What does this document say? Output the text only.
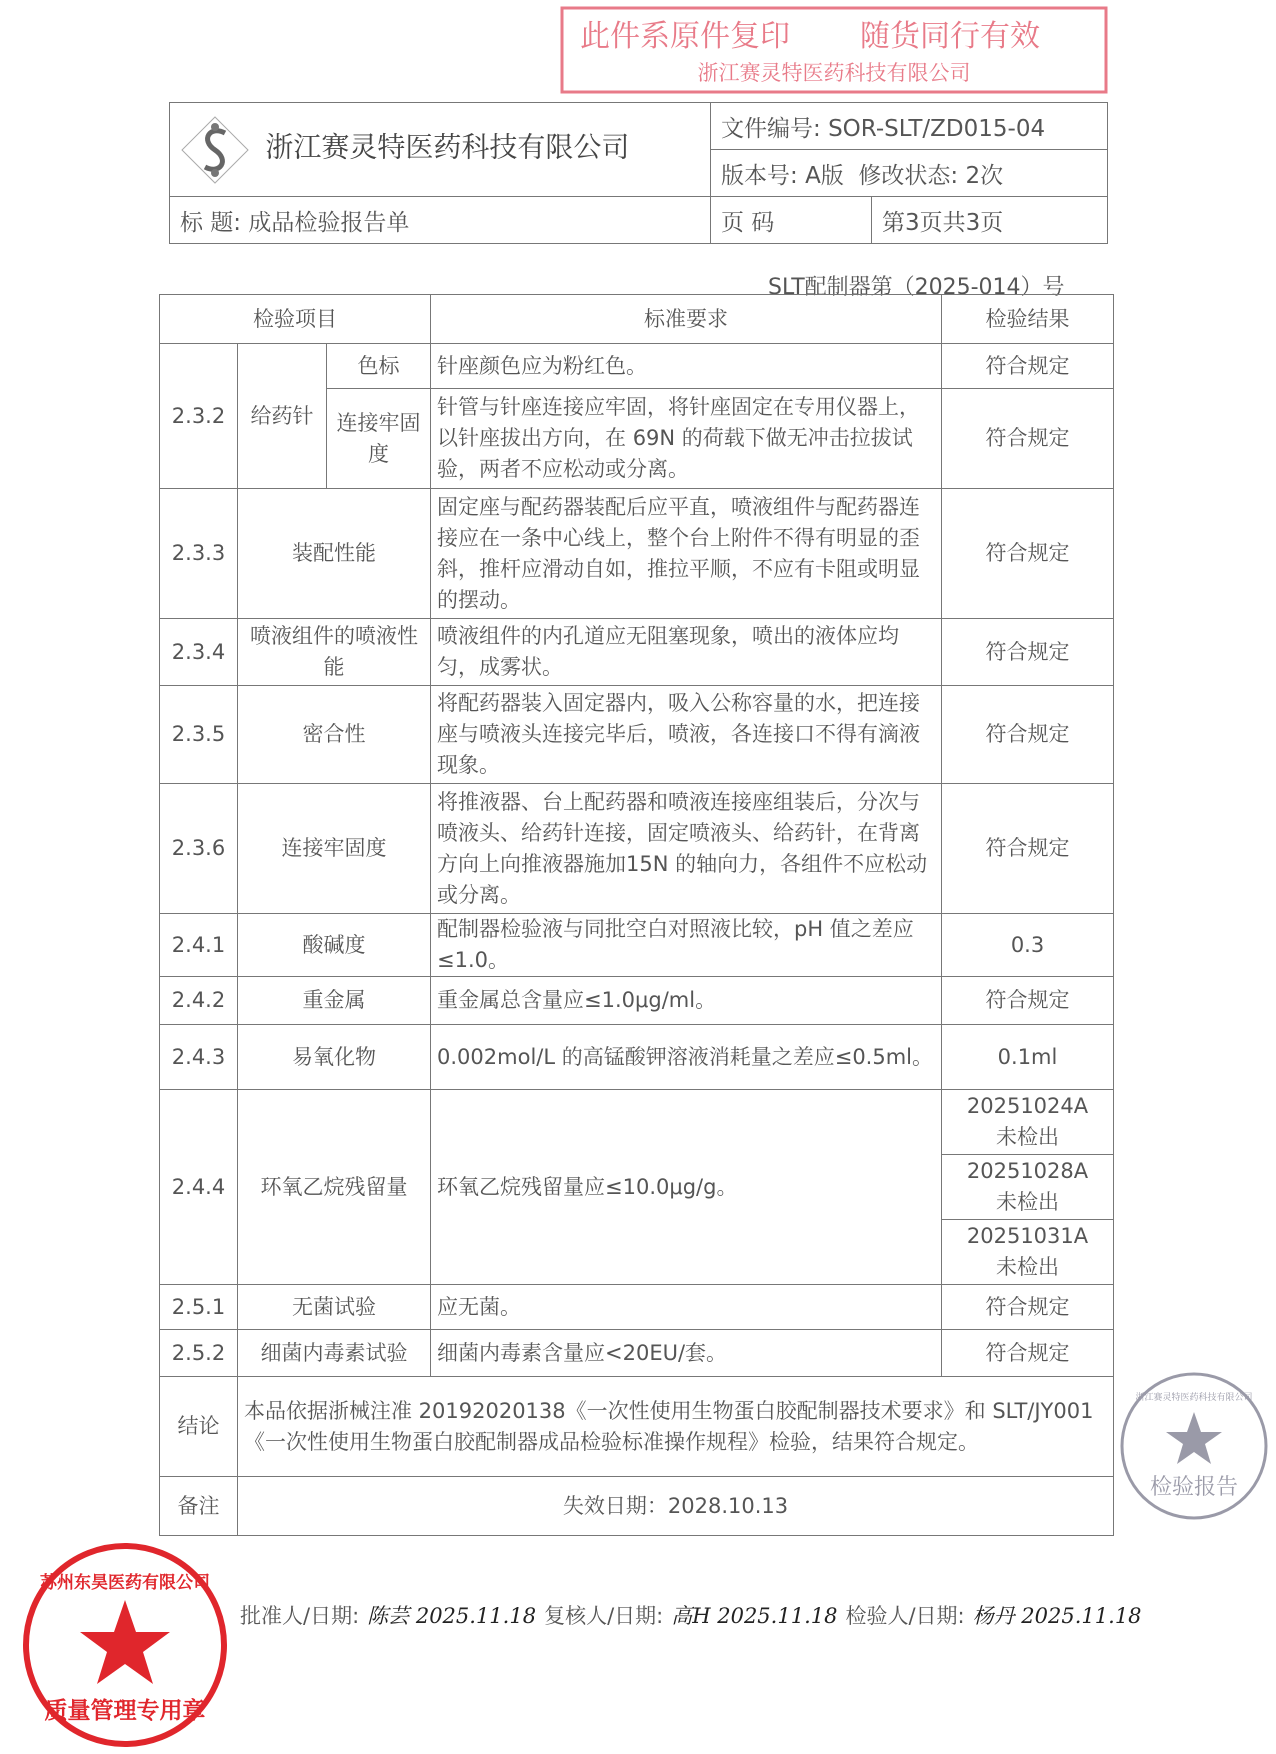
此件系原件复印 随货同行有效
浙江赛灵特医药科技有限公司
浙江赛灵特医药科技有限公司	文件编号: SOR-SLT/ZD015-04	
	版本号: A版 修改状态: 2次	
标 题: 成品检验报告单	页 码	第3页共3页
SLT配制器第（2025-014）号
检验项目			标准要求	检验结果
2.3.2	给药针	色标	针座颜色应为粉红色。	符合规定
		连接牢固度	针管与针座连接应牢固，将针座固定在专用仪器上，以针座拔出方向，在 69N 的荷载下做无冲击拉拔试验，两者不应松动或分离。	符合规定
2.3.3	装配性能		固定座与配药器装配后应平直，喷液组件与配药器连接应在一条中心线上，整个台上附件不得有明显的歪斜，推杆应滑动自如，推拉平顺，不应有卡阻或明显的摆动。	符合规定
2.3.4	喷液组件的喷液性能		喷液组件的内孔道应无阻塞现象，喷出的液体应均匀，成雾状。	符合规定
2.3.5	密合性		将配药器装入固定器内，吸入公称容量的水，把连接座与喷液头连接完毕后，喷液，各连接口不得有滴液现象。	符合规定
2.3.6	连接牢固度		将推液器、台上配药器和喷液连接座组装后，分次与喷液头、给药针连接，固定喷液头、给药针，在背离方向上向推液器施加15N 的轴向力，各组件不应松动或分离。	符合规定
2.4.1	酸碱度		配制器检验液与同批空白对照液比较，pH 值之差应≤1.0。	0.3
2.4.2	重金属		重金属总含量应≤1.0μg/ml。	符合规定
2.4.3	易氧化物		0.002mol/L 的高锰酸钾溶液消耗量之差应≤0.5ml。	0.1ml
2.4.4	环氧乙烷残留量		环氧乙烷残留量应≤10.0μg/g。	20251024A
未检出

				20251028A
未检出

				20251031A
未检出

2.5.1	无菌试验		应无菌。	符合规定
2.5.2	细菌内毒素试验		细菌内毒素含量应<20EU/套。	符合规定
结论	本品依据浙械注准 20192020138《一次性使用生物蛋白胶配制器技术要求》和 SLT/JY001《一次性使用生物蛋白胶配制器成品检验标准操作规程》检验，结果符合规定。			
备注	失效日期：2028.10.13			
浙江赛灵特医药科技有限公司
检验报告
苏州东昊医药有限公司
质量管理专用章
批准人/日期: 陈芸 2025.11.18 复核人/日期: 高H 2025.11.18 检验人/日期: 杨丹 2025.11.18
